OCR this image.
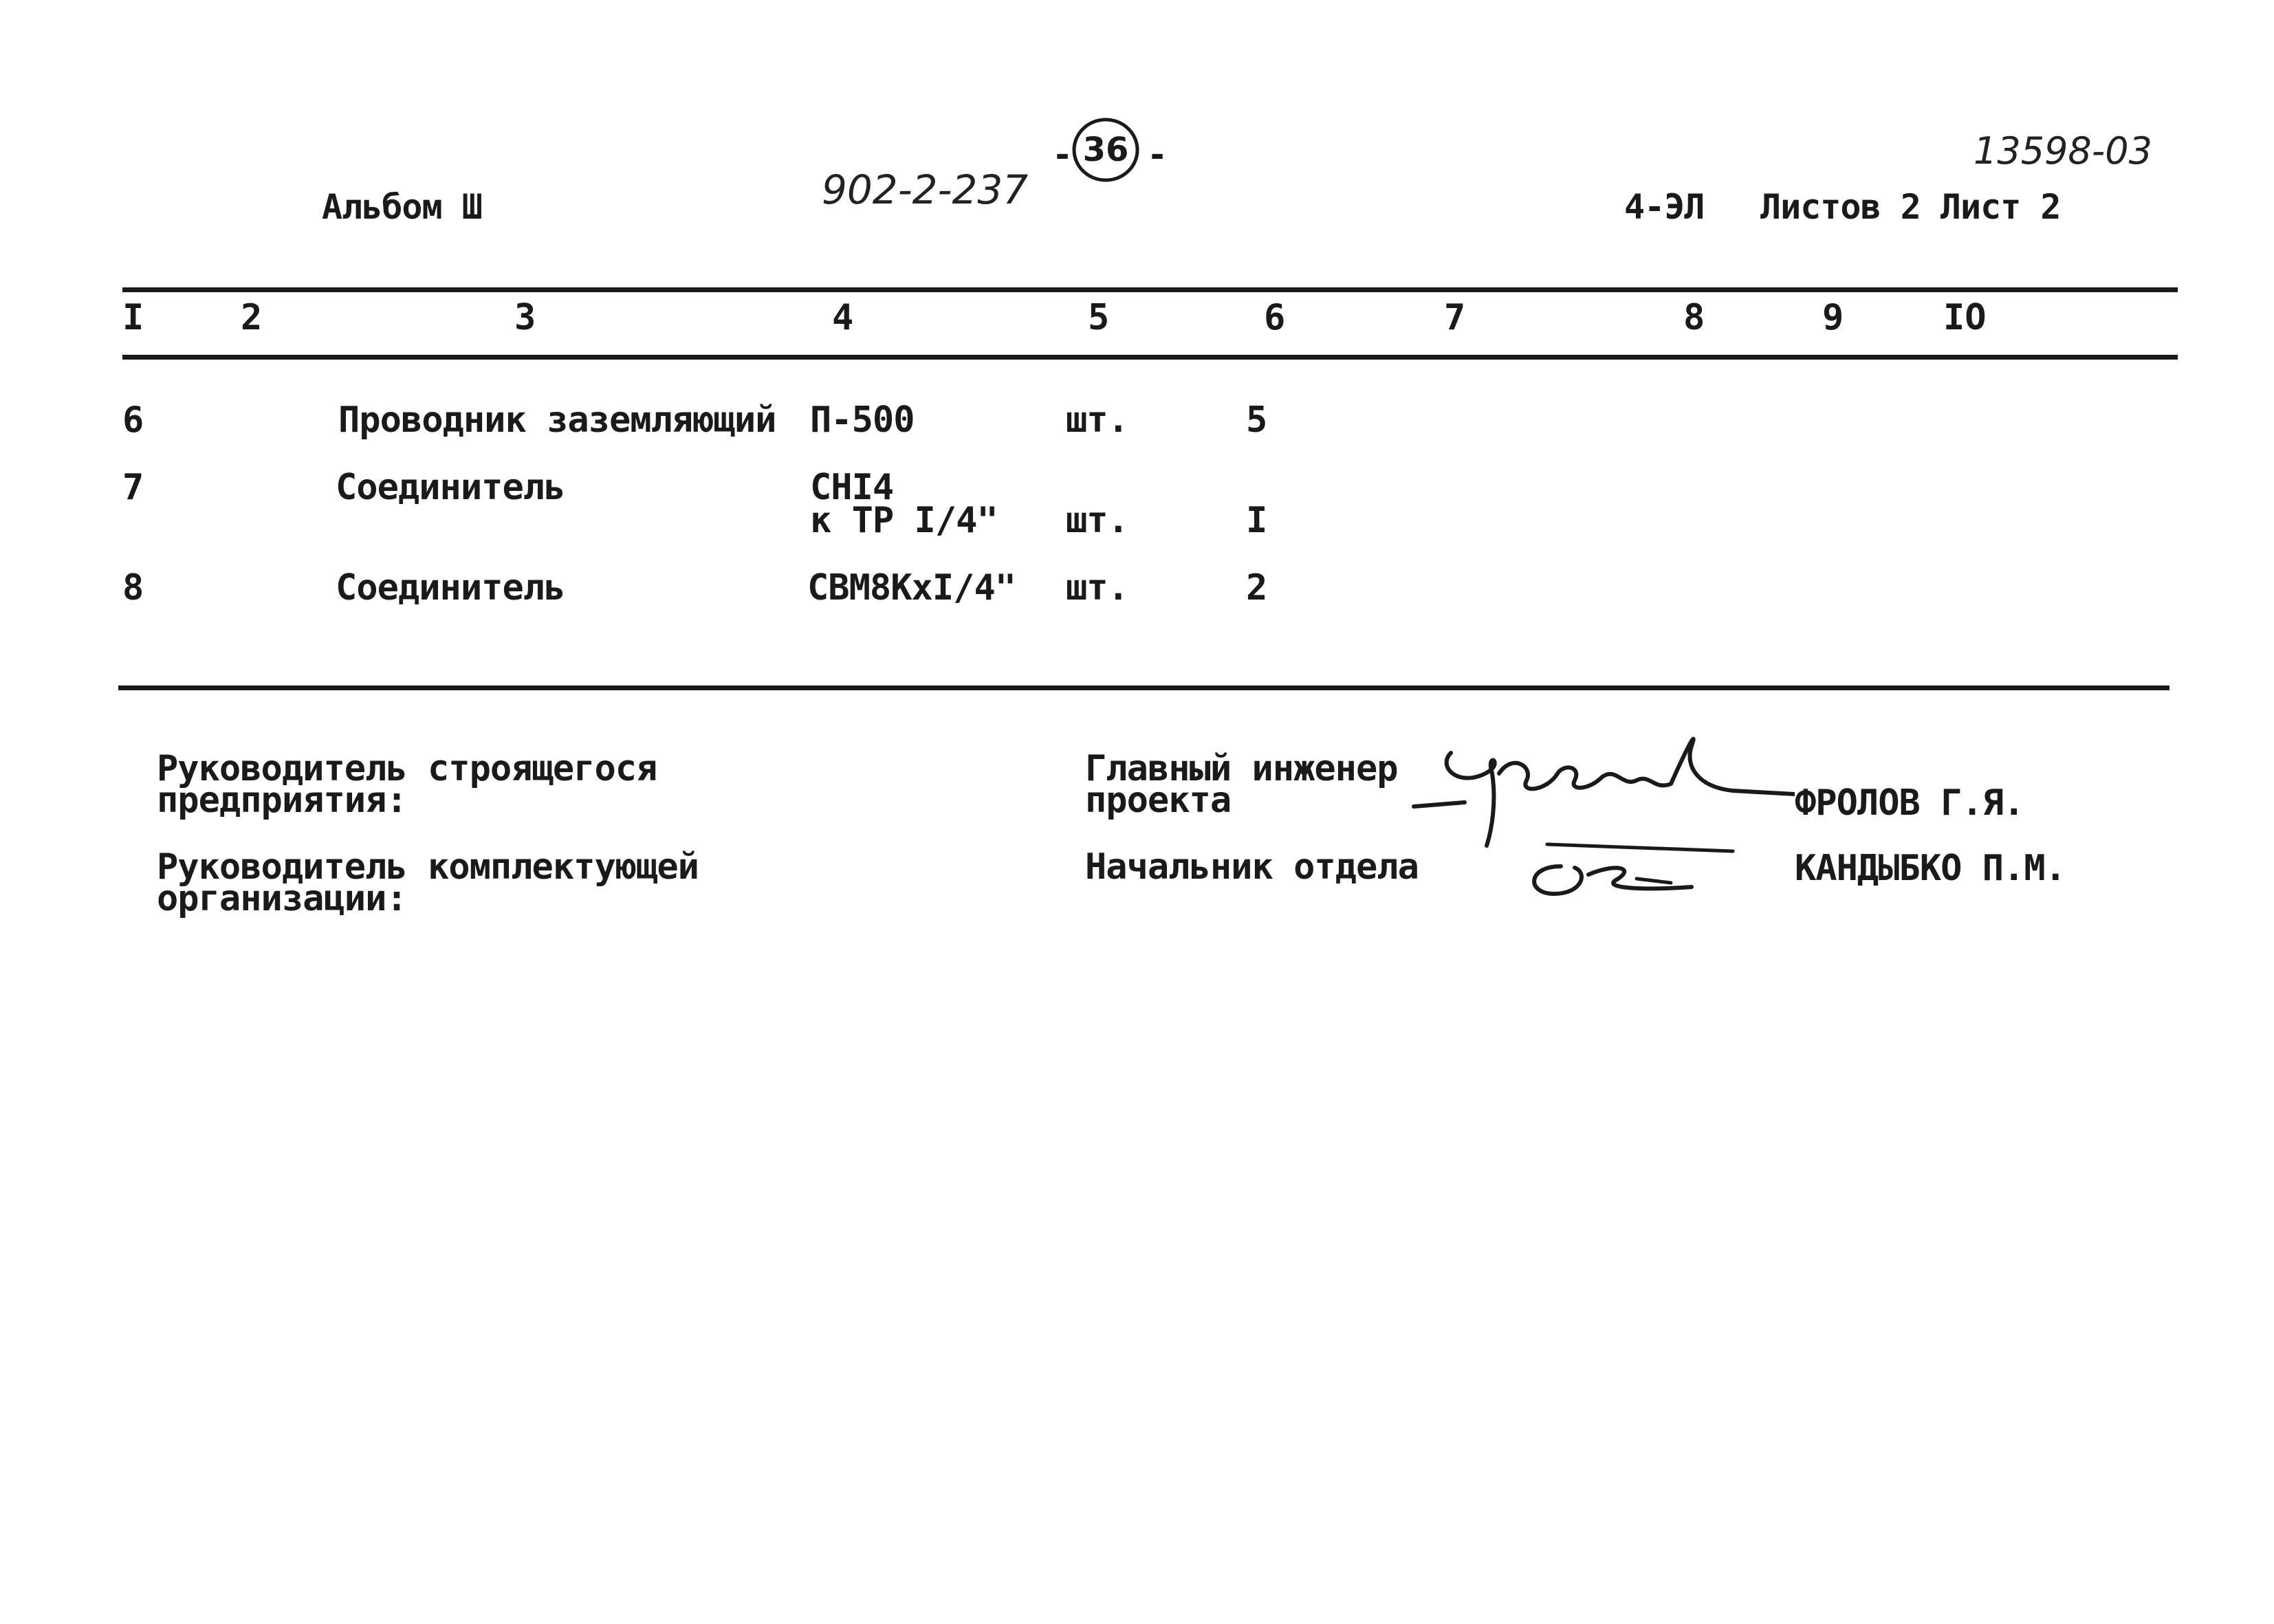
Альбом Ш	902-2-237
- 36 -	13598-03
4-ЭЛ Листов 2 Лист 2
I	2	3	4	5	6	7	8	9	IO
6	Проводник заземляющий П-500	шт.	5
7	Соединитель	CHI4
к ТР I/4" шт.	I
8	Соединитель	CBM8KxI/4" шт.	2
Руководитель строящегося
предприятия:
Руководитель комплектующей
организации:
Главный инженер
проекта
Начальник отдела
ФРОЛОВ Г.Я.
КАНДЫБКО П.М.
